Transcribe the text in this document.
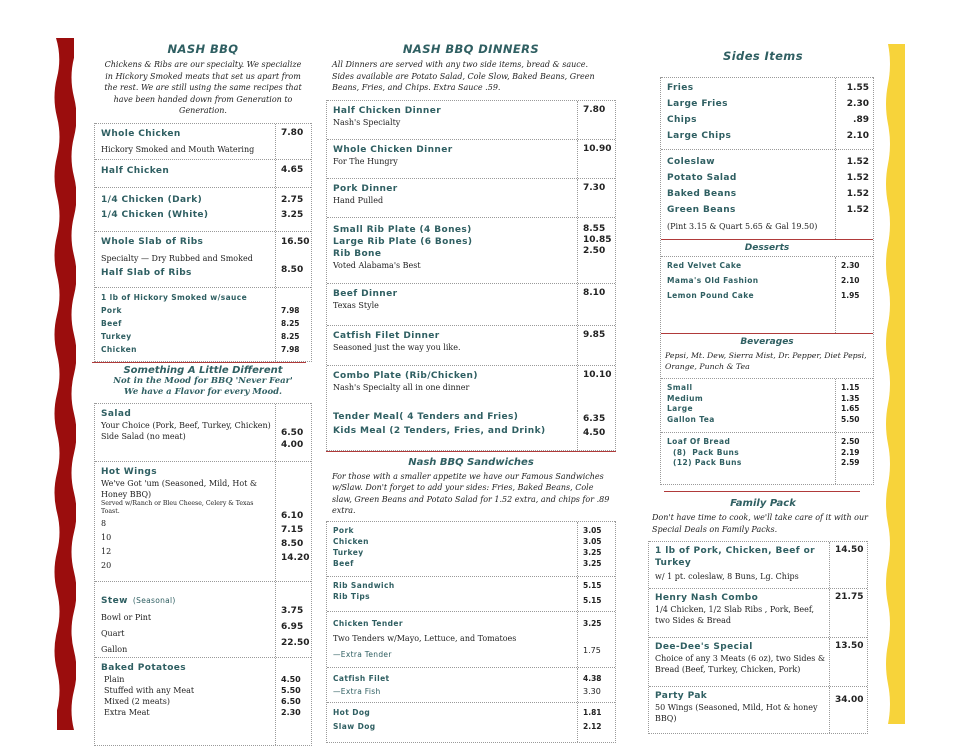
NASH BBQ
Chickens & Ribs are our specialty. We specialize in Hickory Smoked meats that set us apart from the rest. We are still using the same recipes that have been handed down from Generation to Generation.
Whole Chicken
Hickory Smoked and Mouth Watering
7.80
Half Chicken	4.65
1/4 Chicken (Dark)
1/4 Chicken (White)
2.75
3.25
Whole Slab of Ribs
Specialty — Dry Rubbed and Smoked
Half Slab of Ribs
16.50
8.50
1 lb of Hickory Smoked w/sauce
Pork
Beef
Turkey
Chicken
7.98
8.25
8.25
7.98
Something A Little Different
Not in the Mood for BBQ 'Never Fear'
We have a Flavor for every Mood.
Salad
Your Choice (Pork, Beef, Turkey, Chicken)
Side Salad (no meat)	6.50
4.00
Hot Wings
We've Got 'um (Seasoned, Mild, Hot & Honey BBQ)
Served w/Ranch or Bleu Cheese, Celery & Texas Toast.
8
10
12
20
6.10
7.15
8.50
14.20
Stew (Seasonal)
Bowl or Pint
Quart
Gallon
3.75
6.95
22.50
Baked Potatoes
Plain
Stuffed with any Meat
Mixed (2 meats)
Extra Meat
4.50
5.50
6.50
2.30
NASH BBQ DINNERS
All Dinners are served with any two side items, bread & sauce. Sides available are Potato Salad, Cole Slow, Baked Beans, Green Beans, Fries, and Chips. Extra Sauce .59.
Half Chicken Dinner
Nash's Specialty
7.80
Whole Chicken Dinner
For The Hungry
10.90
Pork Dinner
Hand Pulled
7.30
Small Rib Plate (4 Bones)
Large Rib Plate (6 Bones)
Rib Bone
Voted Alabama's Best
8.55
10.85
2.50
Beef Dinner
Texas Style
8.10
Catfish Filet Dinner
Seasoned just the way you like.
9.85
Combo Plate (Rib/Chicken)
Nash's Specialty all in one dinner
10.10
Tender Meal( 4 Tenders and Fries)
Kids Meal (2 Tenders, Fries, and Drink)
6.35
4.50
Nash BBQ Sandwiches
For those with a smaller appetite we have our Famous Sandwiches w/Slaw. Don't forget to add your sides: Fries, Baked Beans, Cole slaw, Green Beans and Potato Salad for 1.52 extra, and chips for .89 extra.
Pork
Chicken
Turkey
Beef
3.05
3.05
3.25
3.25
Rib Sandwich
Rib Tips
5.15
5.15
Chicken Tender
Two Tenders w/Mayo, Lettuce, and Tomatoes
—Extra Tender
3.25
1.75
Catfish Filet
—Extra Fish
4.38
3.30
Hot Dog
Slaw Dog
1.81
2.12
Sides Items
Fries
Large Fries
Chips
Large Chips
1.55
2.30
.89
2.10
Coleslaw
Potato Salad
Baked Beans
Green Beans
(Pint 3.15 & Quart 5.65 & Gal 19.50)
1.52
1.52
1.52
1.52
Desserts
Red Velvet Cake
Mama's Old Fashion
Lemon Pound Cake
2.30
2.10
1.95
Beverages
Pepsi, Mt. Dew, Sierra Mist, Dr. Pepper, Diet Pepsi, Orange, Punch & Tea
Small
Medium
Large
Gallon Tea
1.15
1.35
1.65
5.50
Loaf Of Bread
(8)  Pack Buns
(12) Pack Buns
2.50
2.19
2.59
Family Pack
Don't have time to cook, we'll take care of it with our Special Deals on Family Packs.
1 lb of Pork, Chicken, Beef or Turkey
w/ 1 pt. coleslaw, 8 Buns, Lg. Chips
14.50
Henry Nash Combo
1/4 Chicken, 1/2 Slab Ribs , Pork, Beef, two Sides & Bread
21.75
Dee-Dee's Special
Choice of any 3 Meats (6 oz), two Sides & Bread (Beef, Turkey, Chicken, Pork)
13.50
Party Pak
50 Wings (Seasoned, Mild, Hot & honey BBQ)
34.00
